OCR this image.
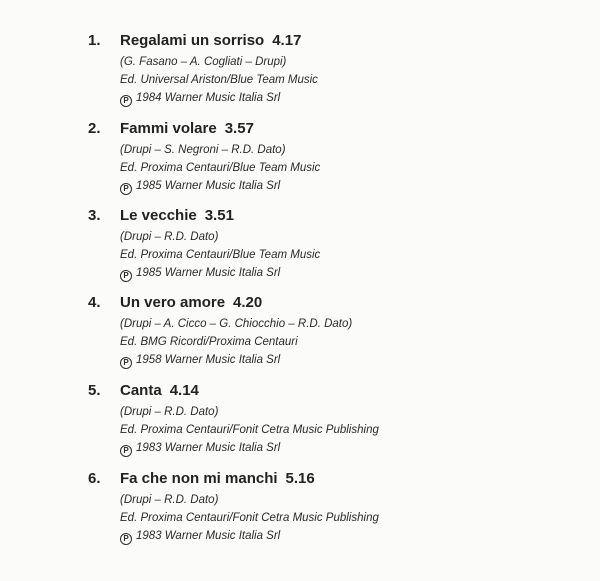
1. Regalami un sorriso 4.17
(G. Fasano – A. Cogliati – Drupi)
Ed. Universal Ariston/Blue Team Music
P 1984 Warner Music Italia Srl
2. Fammi volare 3.57
(Drupi – S. Negroni – R.D. Dato)
Ed. Proxima Centauri/Blue Team Music
P 1985 Warner Music Italia Srl
3. Le vecchie 3.51
(Drupi – R.D. Dato)
Ed. Proxima Centauri/Blue Team Music
P 1985 Warner Music Italia Srl
4. Un vero amore 4.20
(Drupi – A. Cicco – G. Chiocchio – R.D. Dato)
Ed. BMG Ricordi/Proxima Centauri
P 1958 Warner Music Italia Srl
5. Canta 4.14
(Drupi – R.D. Dato)
Ed. Proxima Centauri/Fonit Cetra Music Publishing
P 1983 Warner Music Italia Srl
6. Fa che non mi manchi 5.16
(Drupi – R.D. Dato)
Ed. Proxima Centauri/Fonit Cetra Music Publishing
P 1983 Warner Music Italia Srl
